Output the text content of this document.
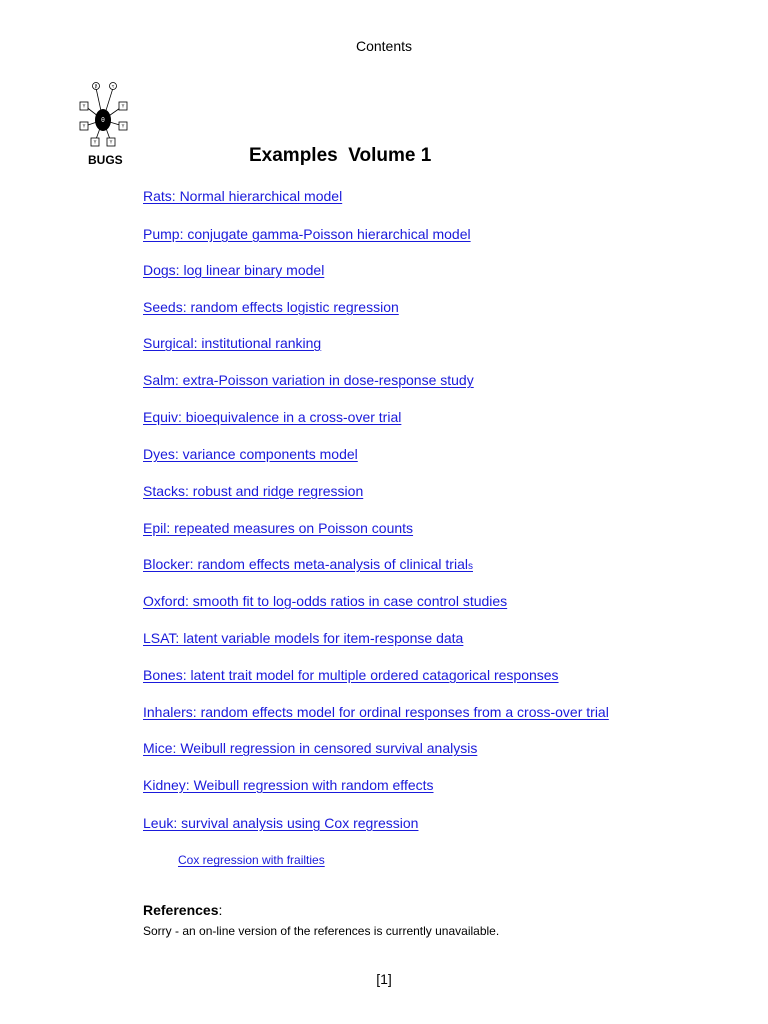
Contents
β	τ
Y	Y
θ
Y	Y
Y	Y
BUGS	Examples  Volume 1
Rats: Normal hierarchical model
Pump: conjugate gamma-Poisson hierarchical model
Dogs: log linear binary model
Seeds: random effects logistic regression
Surgical: institutional ranking
Salm: extra-Poisson variation in dose-response study
Equiv: bioequivalence in a cross-over trial
Dyes: variance components model
Stacks: robust and ridge regression
Epil: repeated measures on Poisson counts
Blocker: random effects meta-analysis of clinical trials
Oxford: smooth fit to log-odds ratios in case control studies
LSAT: latent variable models for item-response data
Bones: latent trait model for multiple ordered catagorical responses
Inhalers: random effects model for ordinal responses from a cross-over trial
Mice: Weibull regression in censored survival analysis
Kidney: Weibull regression with random effects
Leuk: survival analysis using Cox regression
Cox regression with frailties
References:
Sorry - an on-line version of the references is currently unavailable.
[1]
